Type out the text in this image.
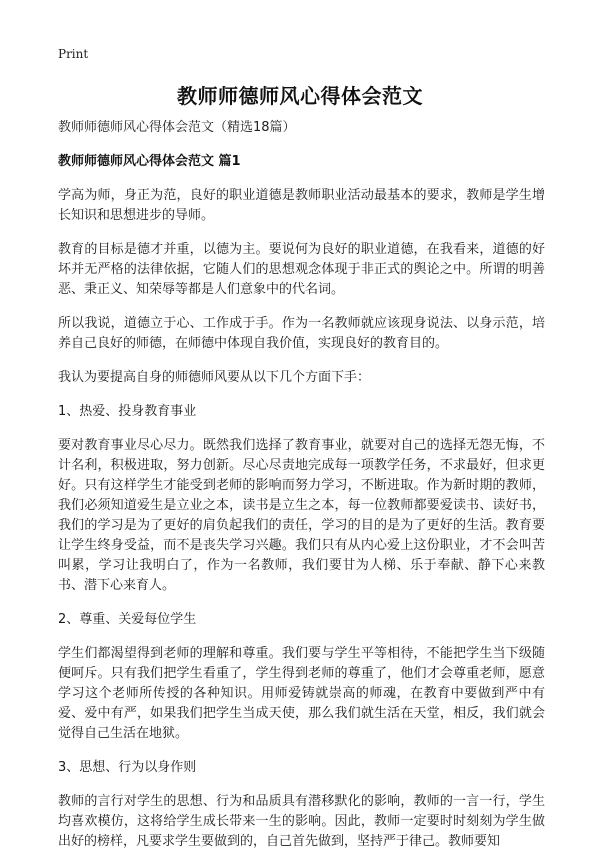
Print
教师师德师风心得体会范文

教师师德师风心得体会范文（精选18篇）

教师师德师风心得体会范文 篇1

学高为师，身正为范，良好的职业道德是教师职业活动最基本的要求，教师是学生增长知识和思想进步的导师。

教育的目标是德才并重，以德为主。要说何为良好的职业道德，在我看来，道德的好坏并无严格的法律依据，它随人们的思想观念体现于非正式的舆论之中。所谓的明善恶、秉正义、知荣辱等都是人们意象中的代名词。

所以我说，道德立于心、工作成于手。作为一名教师就应该现身说法、以身示范，培养自己良好的师德，在师德中体现自我价值，实现良好的教育目的。

我认为要提高自身的师德师风要从以下几个方面下手：

1、热爱、投身教育事业

要对教育事业尽心尽力。既然我们选择了教育事业，就要对自己的选择无怨无悔，不计名利，积极进取，努力创新。尽心尽责地完成每一项教学任务，不求最好，但求更好。只有这样学生才能受到老师的影响而努力学习，不断进取。作为新时期的教师，我们必须知道爱生是立业之本，读书是立生之本，每一位教师都要爱读书、读好书，我们的学习是为了更好的肩负起我们的责任，学习的目的是为了更好的生活。教育要让学生终身受益，而不是丧失学习兴趣。我们只有从内心爱上这份职业，才不会叫苦叫累，学习让我明白了，作为一名教师，我们要甘为人梯、乐于奉献、静下心来教书、潜下心来育人。

2、尊重、关爱每位学生

学生们都渴望得到老师的理解和尊重。我们要与学生平等相待，不能把学生当下级随便呵斥。只有我们把学生看重了，学生得到老师的尊重了，他们才会尊重老师，愿意学习这个老师所传授的各种知识。用师爱铸就崇高的师魂，在教育中要做到严中有爱、爱中有严，如果我们把学生当成天使，那么我们就生活在天堂，相反，我们就会觉得自己生活在地狱。

3、思想、行为以身作则

教师的言行对学生的思想、行为和品质具有潜移默化的影响，教师的一言一行，学生均喜欢模仿，这将给学生成长带来一生的影响。因此，教师一定要时时刻刻为学生做出好的榜样，凡要求学生要做到的，自己首先做到，坚持严于律己。教师要知
